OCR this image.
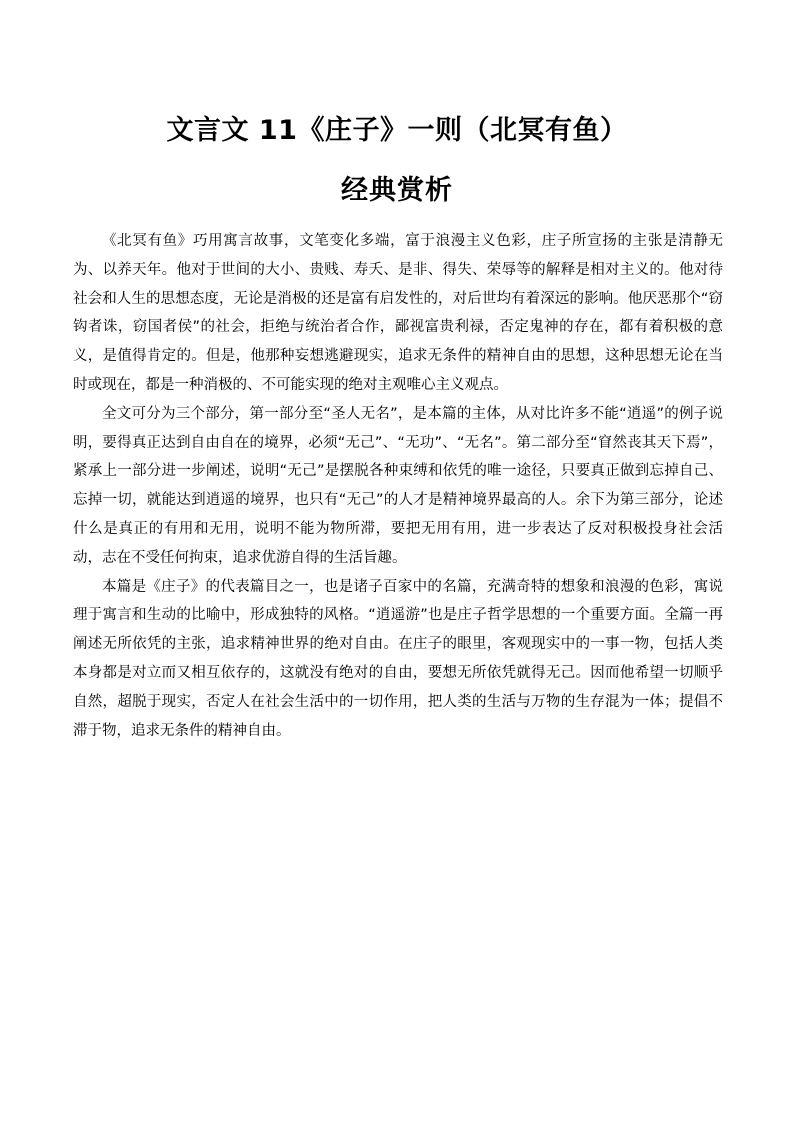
文言文 11《庄子》一则（北冥有鱼）
经典赏析

《北冥有鱼》巧用寓言故事，文笔变化多端，富于浪漫主义色彩，庄子所宣扬的主张是清静无为、以养天年。他对于世间的大小、贵贱、寿夭、是非、得失、荣辱等的解释是相对主义的。他对待社会和人生的思想态度，无论是消极的还是富有启发性的，对后世均有着深远的影响。他厌恶那个“窃钩者诛，窃国者侯”的社会，拒绝与统治者合作，鄙视富贵利禄，否定鬼神的存在，都有着积极的意义，是值得肯定的。但是，他那种妄想逃避现实，追求无条件的精神自由的思想，这种思想无论在当时或现在，都是一种消极的、不可能实现的绝对主观唯心主义观点。

全文可分为三个部分，第一部分至“圣人无名”，是本篇的主体，从对比许多不能“逍遥”的例子说明，要得真正达到自由自在的境界，必须“无己”、“无功”、“无名”。第二部分至“窅然丧其天下焉”，紧承上一部分进一步阐述，说明“无己”是摆脱各种束缚和依凭的唯一途径，只要真正做到忘掉自己、忘掉一切，就能达到逍遥的境界，也只有“无己”的人才是精神境界最高的人。余下为第三部分，论述什么是真正的有用和无用，说明不能为物所滞，要把无用有用，进一步表达了反对积极投身社会活动，志在不受任何拘束，追求优游自得的生活旨趣。

本篇是《庄子》的代表篇目之一，也是诸子百家中的名篇，充满奇特的想象和浪漫的色彩，寓说理于寓言和生动的比喻中，形成独特的风格。“逍遥游”也是庄子哲学思想的一个重要方面。全篇一再阐述无所依凭的主张，追求精神世界的绝对自由。在庄子的眼里，客观现实中的一事一物，包括人类本身都是对立而又相互依存的，这就没有绝对的自由，要想无所依凭就得无己。因而他希望一切顺乎自然，超脱于现实，否定人在社会生活中的一切作用，把人类的生活与万物的生存混为一体；提倡不滞于物，追求无条件的精神自由。
